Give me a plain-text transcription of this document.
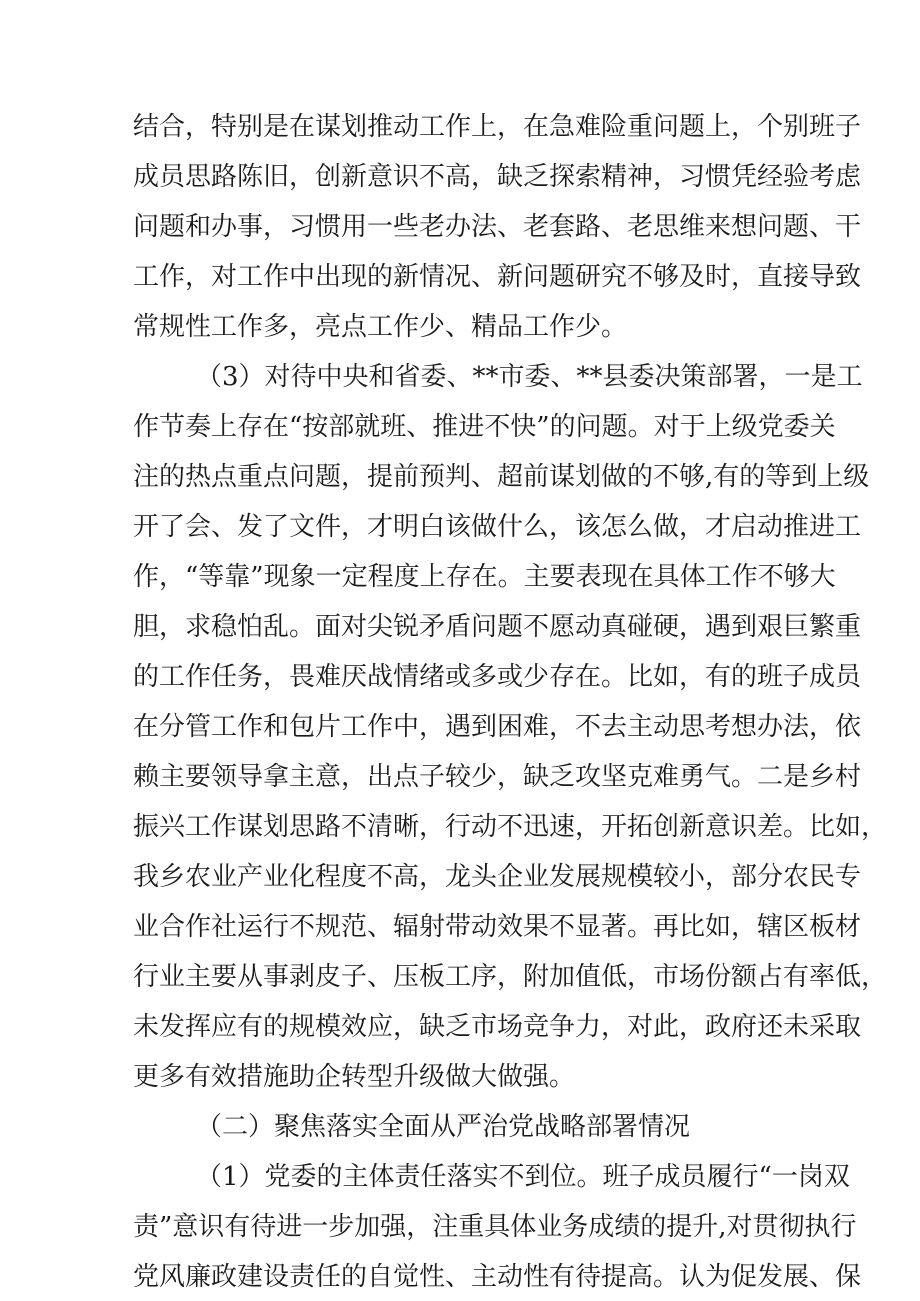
结合，特别是在谋划推动工作上，在急难险重问题上，个别班子
成员思路陈旧，创新意识不高，缺乏探索精神，习惯凭经验考虑
问题和办事，习惯用一些老办法、老套路、老思维来想问题、干
工作，对工作中出现的新情况、新问题研究不够及时，直接导致
常规性工作多，亮点工作少、精品工作少。
（3）对待中央和省委、**市委、**县委决策部署，一是工
作节奏上存在“按部就班、推进不快”的问题。对于上级党委关
注的热点重点问题，提前预判、超前谋划做的不够,有的等到上级
开了会、发了文件，才明白该做什么，该怎么做，才启动推进工
作，“等靠”现象一定程度上存在。主要表现在具体工作不够大
胆，求稳怕乱。面对尖锐矛盾问题不愿动真碰硬，遇到艰巨繁重
的工作任务，畏难厌战情绪或多或少存在。比如，有的班子成员
在分管工作和包片工作中，遇到困难，不去主动思考想办法，依
赖主要领导拿主意，出点子较少，缺乏攻坚克难勇气。二是乡村
振兴工作谋划思路不清晰，行动不迅速，开拓创新意识差。比如，
我乡农业产业化程度不高，龙头企业发展规模较小，部分农民专
业合作社运行不规范、辐射带动效果不显著。再比如，辖区板材
行业主要从事剥皮子、压板工序，附加值低，市场份额占有率低，
未发挥应有的规模效应，缺乏市场竞争力，对此，政府还未采取
更多有效措施助企转型升级做大做强。
（二）聚焦落实全面从严治党战略部署情况
（1）党委的主体责任落实不到位。班子成员履行“一岗双
责”意识有待进一步加强，注重具体业务成绩的提升,对贯彻执行
党风廉政建设责任的自觉性、主动性有待提高。认为促发展、保
